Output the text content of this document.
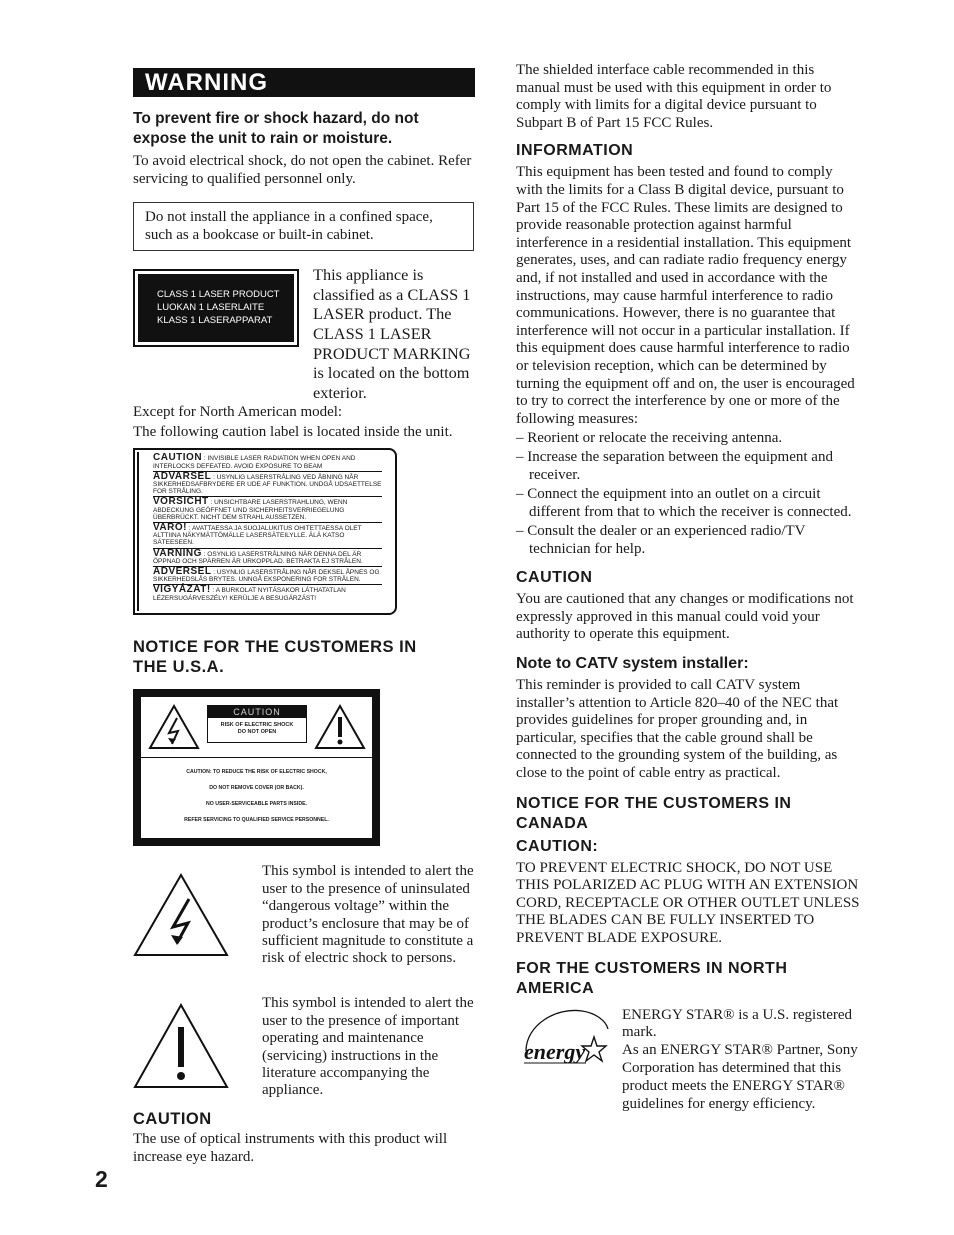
WARNING
To prevent fire or shock hazard, do not expose the unit to rain or moisture.

To avoid electrical shock, do not open the cabinet. Refer servicing to qualified personnel only.

Do not install the appliance in a confined space, such as a bookcase or built-in cabinet.
CLASS 1 LASER PRODUCT
LUOKAN 1 LASERLAITE
KLASS 1 LASERAPPARAT
This appliance is classified as a CLASS 1 LASER product. The CLASS 1 LASER PRODUCT MARKING is located on the bottom exterior.

Except for North American model:

The following caution label is located inside the unit.

CAUTION : INVISIBLE LASER RADIATION WHEN OPEN AND INTERLOCKS DEFEATED. AVOID EXPOSURE TO BEAM
ADVARSEL : USYNLIG LASERSTRÅLING VED ÅBNING NÅR SIKKERHEDSAFBRYDERE ER UDE AF FUNKTION. UNDGÅ UDSAETTELSE FOR STRÅLING.
VORSICHT : UNSICHTBARE LASERSTRAHLUNG, WENN ABDECKUNG GEÖFFNET UND SICHERHEITSVERRIEGELUNG ÜBERBRÜCKT. NICHT DEM STRAHL AUSSETZEN.
VARO! : AVATTAESSA JA SUOJALUKITUS OHITETTAESSA OLET ALTTIINA NÄKYMÄTTÖMÄLLE LASERSÄTEILYLLE. ÄLÄ KATSO SÄTEESEEN.
VARNING : OSYNLIG LASERSTRÅLNING NÄR DENNA DEL ÄR ÖPPNAD OCH SPÄRREN ÄR URKOPPLAD. BETRAKTA EJ STRÅLEN.
ADVERSEL : USYNLIG LASERSTRÅLING NÅR DEKSEL ÅPNES OG SIKKERHEDSLÅS BRYTES. UNNGÅ EKSPONERING FOR STRÅLEN.
VIGYÁZAT! : A BURKOLAT NYITÁSAKOR LÁTHATATLAN LÉZERSUGÁRVESZÉLY! KERÜLJE A BESUGÁRZÁST!
NOTICE FOR THE CUSTOMERS IN THE U.S.A.
CAUTION
RISK OF ELECTRIC SHOCK
DO NOT OPEN
CAUTION: TO REDUCE THE RISK OF ELECTRIC SHOCK,
DO NOT REMOVE COVER (OR BACK).
NO USER-SERVICEABLE PARTS INSIDE.
REFER SERVICING TO QUALIFIED SERVICE PERSONNEL.
This symbol is intended to alert the user to the presence of uninsulated “dangerous voltage” within the product’s enclosure that may be of sufficient magnitude to constitute a risk of electric shock to persons.
This symbol is intended to alert the user to the presence of important operating and maintenance (servicing) instructions in the literature accompanying the appliance.
CAUTION

The use of optical instruments with this product will increase eye hazard.

The shielded interface cable recommended in this manual must be used with this equipment in order to comply with limits for a digital device pursuant to Subpart B of Part 15 FCC Rules.

INFORMATION

This equipment has been tested and found to comply with the limits for a Class B digital device, pursuant to Part 15 of the FCC Rules. These limits are designed to provide reasonable protection against harmful interference in a residential installation. This equipment generates, uses, and can radiate radio frequency energy and, if not installed and used in accordance with the instructions, may cause harmful interference to radio communications. However, there is no guarantee that interference will not occur in a particular installation. If this equipment does cause harmful interference to radio or television reception, which can be determined by turning the equipment off and on, the user is encouraged to try to correct the interference by one or more of the following measures:

– Reorient or relocate the receiving antenna.

– Increase the separation between the equipment and receiver.

– Connect the equipment into an outlet on a circuit different from that to which the receiver is connected.

– Consult the dealer or an experienced radio/TV technician for help.

CAUTION

You are cautioned that any changes or modifications not expressly approved in this manual could void your authority to operate this equipment.

Note to CATV system installer:

This reminder is provided to call CATV system installer’s attention to Article 820–40 of the NEC that provides guidelines for proper grounding and, in particular, specifies that the cable ground shall be connected to the grounding system of the building, as close to the point of cable entry as practical.

NOTICE FOR THE CUSTOMERS IN CANADA
CAUTION:

TO PREVENT ELECTRIC SHOCK, DO NOT USE THIS POLARIZED AC PLUG WITH AN EXTENSION CORD, RECEPTACLE OR OTHER OUTLET UNLESS THE BLADES CAN BE FULLY INSERTED TO PREVENT BLADE EXPOSURE.

FOR THE CUSTOMERS IN NORTH AMERICA
energy
ENERGY STAR® is a U.S. registered mark.
As an ENERGY STAR® Partner, Sony Corporation has determined that this product meets the ENERGY STAR® guidelines for energy efficiency.
2
